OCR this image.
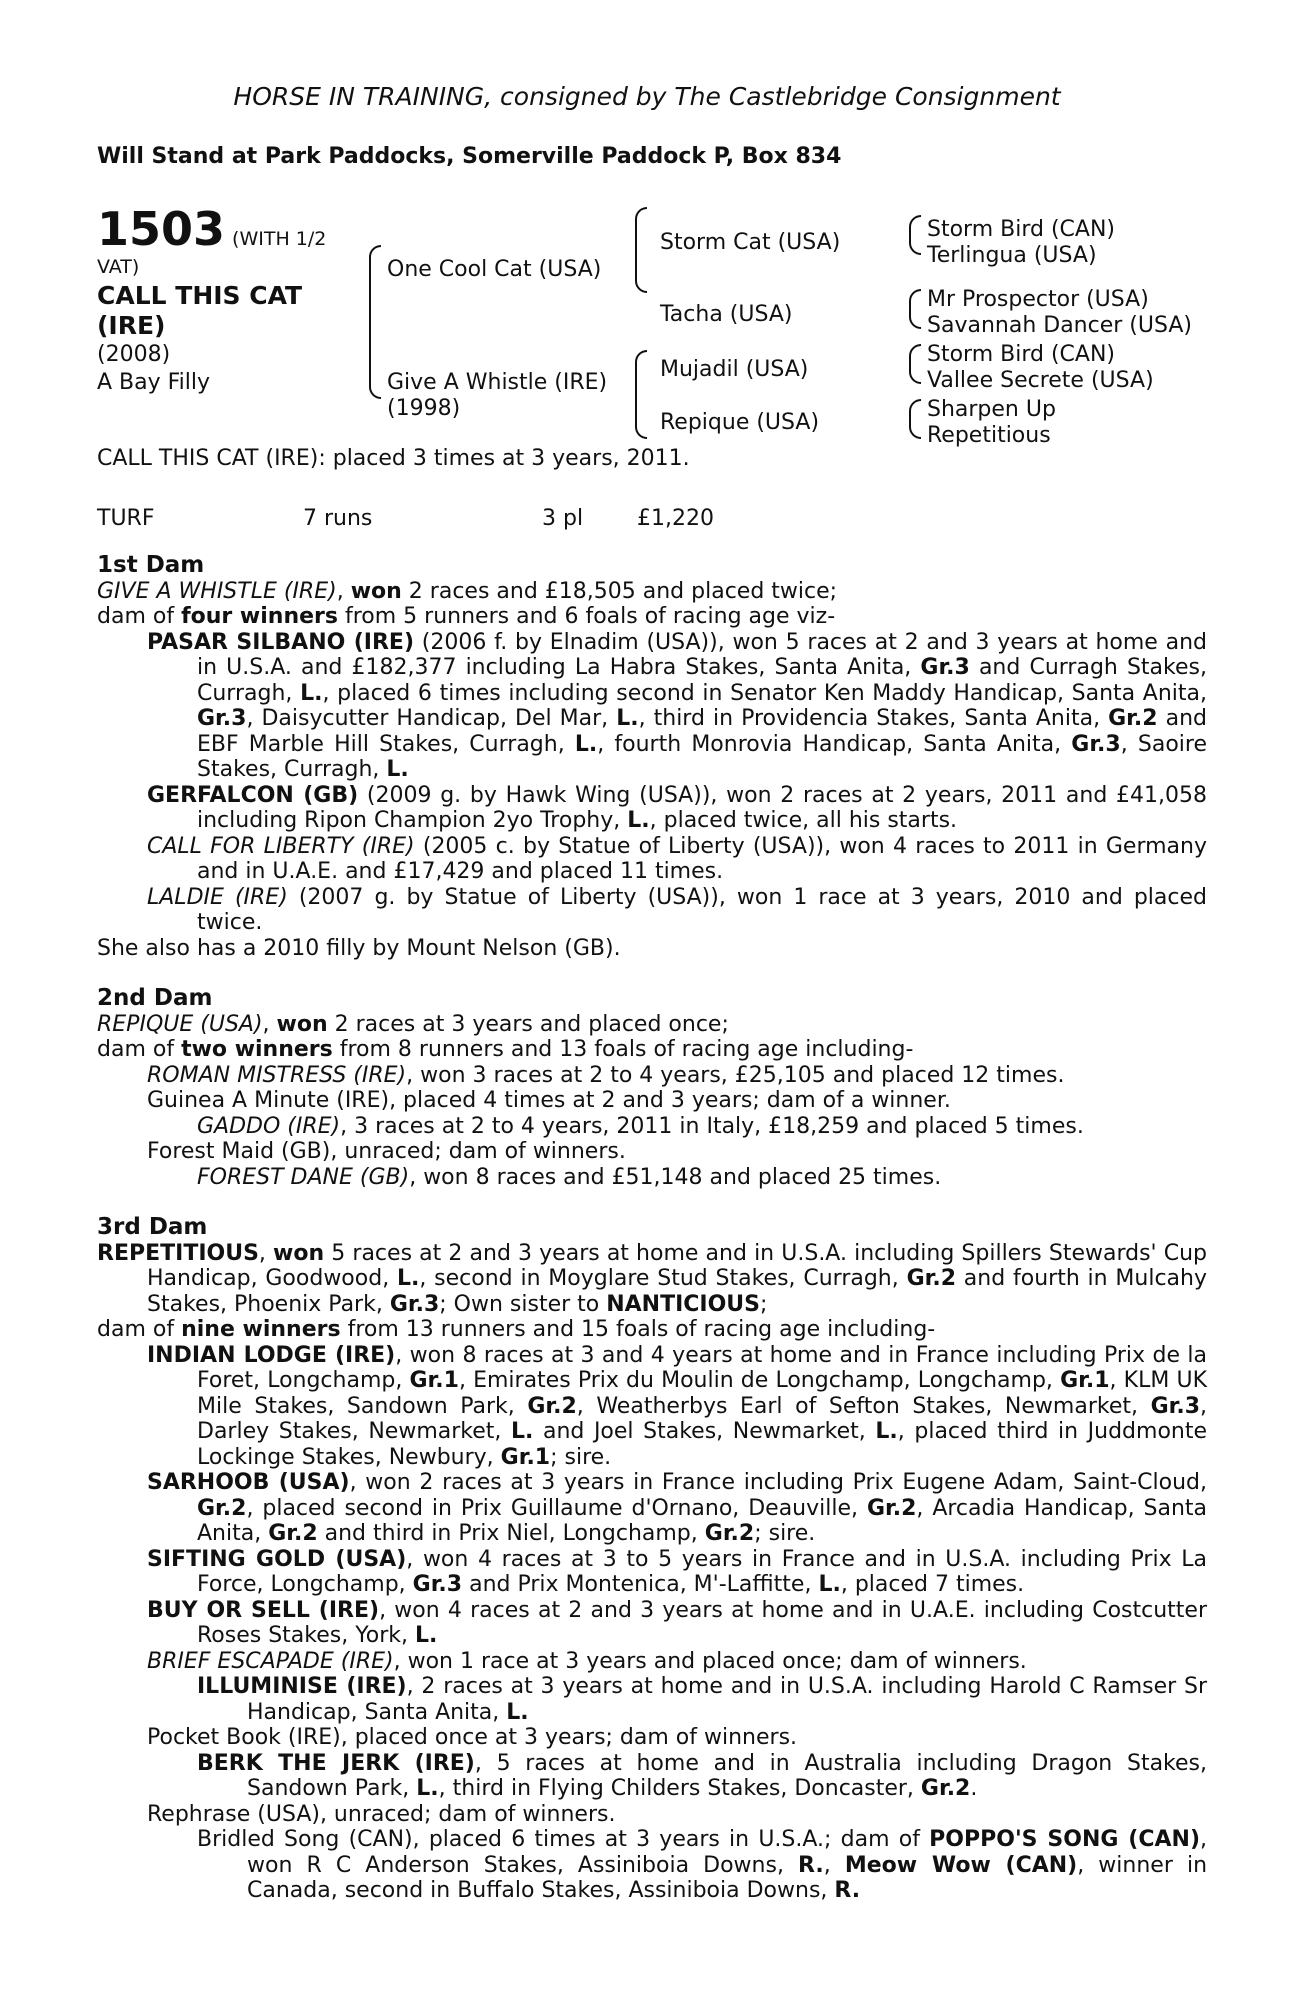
HORSE IN TRAINING, consigned by The Castlebridge Consignment
Will Stand at Park Paddocks, Somerville Paddock P, Box 834
1503 (WITH 1/2 VAT)
CALL THIS CAT (IRE)
(2008)
A Bay Filly
One Cool Cat (USA)
Give A Whistle (IRE)
(1998)
Storm Cat (USA)
Tacha (USA)
Mujadil (USA)
Repique (USA)
Storm Bird (CAN)
Terlingua (USA)
Mr Prospector (USA)
Savannah Dancer (USA)
Storm Bird (CAN)
Vallee Secrete (USA)
Sharpen Up
Repetitious
CALL THIS CAT (IRE): placed 3 times at 3 years, 2011.
TURF	7 runs	3 pl £1,220
1st Dam

GIVE A WHISTLE (IRE), won 2 races and £18,505 and placed twice;

dam of four winners from 5 runners and 6 foals of racing age viz-

PASAR SILBANO (IRE) (2006 f. by Elnadim (USA)), won 5 races at 2 and 3 years at home and in U.S.A. and £182,377 including La Habra Stakes, Santa Anita, Gr.3 and Curragh Stakes, Curragh, L., placed 6 times including second in Senator Ken Maddy Handicap, Santa Anita, Gr.3, Daisycutter Handicap, Del Mar, L., third in Providencia Stakes, Santa Anita, Gr.2 and EBF Marble Hill Stakes, Curragh, L., fourth Monrovia Handicap, Santa Anita, Gr.3, Saoire Stakes, Curragh, L.

GERFALCON (GB) (2009 g. by Hawk Wing (USA)), won 2 races at 2 years, 2011 and £41,058 including Ripon Champion 2yo Trophy, L., placed twice, all his starts.

CALL FOR LIBERTY (IRE) (2005 c. by Statue of Liberty (USA)), won 4 races to 2011 in Germany and in U.A.E. and £17,429 and placed 11 times.

LALDIE (IRE) (2007 g. by Statue of Liberty (USA)), won 1 race at 3 years, 2010 and placed twice.

She also has a 2010 filly by Mount Nelson (GB).

2nd Dam

REPIQUE (USA), won 2 races at 3 years and placed once;

dam of two winners from 8 runners and 13 foals of racing age including-

ROMAN MISTRESS (IRE), won 3 races at 2 to 4 years, £25,105 and placed 12 times.

Guinea A Minute (IRE), placed 4 times at 2 and 3 years; dam of a winner.

GADDO (IRE), 3 races at 2 to 4 years, 2011 in Italy, £18,259 and placed 5 times.

Forest Maid (GB), unraced; dam of winners.

FOREST DANE (GB), won 8 races and £51,148 and placed 25 times.

3rd Dam

REPETITIOUS, won 5 races at 2 and 3 years at home and in U.S.A. including Spillers Stewards' Cup Handicap, Goodwood, L., second in Moyglare Stud Stakes, Curragh, Gr.2 and fourth in Mulcahy Stakes, Phoenix Park, Gr.3; Own sister to NANTICIOUS;

dam of nine winners from 13 runners and 15 foals of racing age including-

INDIAN LODGE (IRE), won 8 races at 3 and 4 years at home and in France including Prix de la Foret, Longchamp, Gr.1, Emirates Prix du Moulin de Longchamp, Longchamp, Gr.1, KLM UK Mile Stakes, Sandown Park, Gr.2, Weatherbys Earl of Sefton Stakes, Newmarket, Gr.3, Darley Stakes, Newmarket, L. and Joel Stakes, Newmarket, L., placed third in Juddmonte Lockinge Stakes, Newbury, Gr.1; sire.

SARHOOB (USA), won 2 races at 3 years in France including Prix Eugene Adam, Saint-Cloud, Gr.2, placed second in Prix Guillaume d'Ornano, Deauville, Gr.2, Arcadia Handicap, Santa Anita, Gr.2 and third in Prix Niel, Longchamp, Gr.2; sire.

SIFTING GOLD (USA), won 4 races at 3 to 5 years in France and in U.S.A. including Prix La Force, Longchamp, Gr.3 and Prix Montenica, M'-Laffitte, L., placed 7 times.

BUY OR SELL (IRE), won 4 races at 2 and 3 years at home and in U.A.E. including Costcutter Roses Stakes, York, L.

BRIEF ESCAPADE (IRE), won 1 race at 3 years and placed once; dam of winners.

ILLUMINISE (IRE), 2 races at 3 years at home and in U.S.A. including Harold C Ramser Sr Handicap, Santa Anita, L.

Pocket Book (IRE), placed once at 3 years; dam of winners.

BERK THE JERK (IRE), 5 races at home and in Australia including Dragon Stakes, Sandown Park, L., third in Flying Childers Stakes, Doncaster, Gr.2.

Rephrase (USA), unraced; dam of winners.

Bridled Song (CAN), placed 6 times at 3 years in U.S.A.; dam of POPPO'S SONG (CAN), won R C Anderson Stakes, Assiniboia Downs, R., Meow Wow (CAN), winner in Canada, second in Buffalo Stakes, Assiniboia Downs, R.
